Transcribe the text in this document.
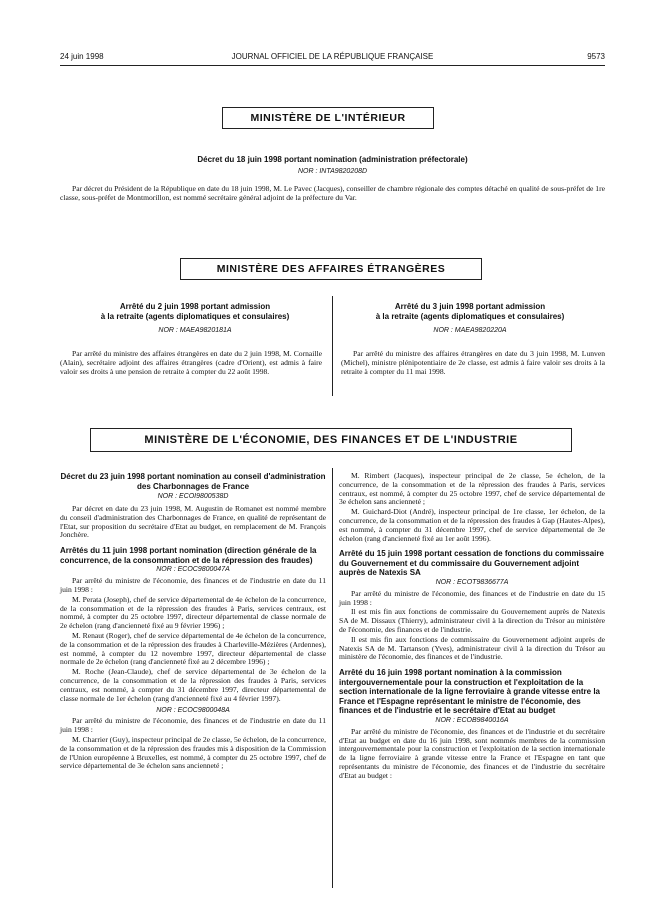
24 juin 1998	JOURNAL OFFICIEL DE LA RÉPUBLIQUE FRANÇAISE	9573
MINISTÈRE DE L'INTÉRIEUR
Décret du 18 juin 1998 portant nomination (administration préfectorale)
NOR : INTA9820208D

Par décret du Président de la République en date du 18 juin 1998, M. Le Pavec (Jacques), conseiller de chambre régionale des comptes détaché en qualité de sous-préfet de 1re classe, sous-préfet de Montmorillon, est nommé secrétaire général adjoint de la préfecture du Var.

MINISTÈRE DES AFFAIRES ÉTRANGÈRES
Arrêté du 2 juin 1998 portant admission
à la retraite (agents diplomatiques et consulaires)
NOR : MAEA9820181A

Par arrêté du ministre des affaires étrangères en date du 2 juin 1998, M. Cornaille (Alain), secrétaire adjoint des affaires étrangères (cadre d'Orient), est admis à faire valoir ses droits à une pension de retraite à compter du 22 août 1998.

Arrêté du 3 juin 1998 portant admission
à la retraite (agents diplomatiques et consulaires)
NOR : MAEA9820220A

Par arrêté du ministre des affaires étrangères en date du 3 juin 1998, M. Lunven (Michel), ministre plénipotentiaire de 2e classe, est admis à faire valoir ses droits à la retraite à compter du 11 mai 1998.

MINISTÈRE DE L'ÉCONOMIE, DES FINANCES ET DE L'INDUSTRIE
Décret du 23 juin 1998 portant nomination au conseil d'administration des Charbonnages de France
NOR : ECOI9800538D

Par décret en date du 23 juin 1998, M. Augustin de Romanet est nommé membre du conseil d'administration des Charbonnages de France, en qualité de représentant de l'Etat, sur proposition du secrétaire d'Etat au budget, en remplacement de M. François Jonchère.

Arrêtés du 11 juin 1998 portant nomination (direction générale de la concurrence, de la consommation et de la répression des fraudes)
NOR : ECOC9800047A

Par arrêté du ministre de l'économie, des finances et de l'industrie en date du 11 juin 1998 :

M. Perata (Joseph), chef de service départemental de 4e échelon de la concurrence, de la consommation et de la répression des fraudes à Paris, services centraux, est nommé, à compter du 25 octobre 1997, directeur départemental de classe normale de 2e échelon (rang d'ancienneté fixé au 9 février 1996) ;

M. Renaut (Roger), chef de service départemental de 4e échelon de la concurrence, de la consommation et de la répression des fraudes à Charleville-Mézières (Ardennes), est nommé, à compter du 12 novembre 1997, directeur départemental de classe normale de 2e échelon (rang d'ancienneté fixé au 2 décembre 1996) ;

M. Roche (Jean-Claude), chef de service départemental de 3e échelon de la concurrence, de la consommation et de la répression des fraudes à Paris, services centraux, est nommé, à compter du 31 décembre 1997, directeur départemental de classe normale de 1er échelon (rang d'ancienneté fixé au 4 février 1997).

NOR : ECOC9800048A

Par arrêté du ministre de l'économie, des finances et de l'industrie en date du 11 juin 1998 :

M. Charrier (Guy), inspecteur principal de 2e classe, 5e échelon, de la concurrence, de la consommation et de la répression des fraudes mis à disposition de la Commission de l'Union européenne à Bruxelles, est nommé, à compter du 25 octobre 1997, chef de service départemental de 3e échelon sans ancienneté ;

M. Rimbert (Jacques), inspecteur principal de 2e classe, 5e échelon, de la concurrence, de la consommation et de la répression des fraudes à Paris, services centraux, est nommé, à compter du 25 octobre 1997, chef de service départemental de 3e échelon sans ancienneté ;

M. Guichard-Diot (André), inspecteur principal de 1re classe, 1er échelon, de la concurrence, de la consommation et de la répression des fraudes à Gap (Hautes-Alpes), est nommé, à compter du 31 décembre 1997, chef de service départemental de 3e échelon (rang d'ancienneté fixé au 1er août 1996).

Arrêté du 15 juin 1998 portant cessation de fonctions du commissaire du Gouvernement et du commissaire du Gouvernement adjoint auprès de Natexis SA
NOR : ECOT9836677A

Par arrêté du ministre de l'économie, des finances et de l'industrie en date du 15 juin 1998 :

Il est mis fin aux fonctions de commissaire du Gouvernement auprès de Natexis SA de M. Dissaux (Thierry), administrateur civil à la direction du Trésor au ministère de l'économie, des finances et de l'industrie.

Il est mis fin aux fonctions de commissaire du Gouvernement adjoint auprès de Natexis SA de M. Tartanson (Yves), administrateur civil à la direction du Trésor au ministère de l'économie, des finances et de l'industrie.

Arrêté du 16 juin 1998 portant nomination à la commission intergouvernementale pour la construction et l'exploitation de la section internationale de la ligne ferroviaire à grande vitesse entre la France et l'Espagne représentant le ministre de l'économie, des finances et de l'industrie et le secrétaire d'Etat au budget
NOR : ECOB9840016A

Par arrêté du ministre de l'économie, des finances et de l'industrie et du secrétaire d'Etat au budget en date du 16 juin 1998, sont nommés membres de la commission intergouvernementale pour la construction et l'exploitation de la section internationale de la ligne ferroviaire à grande vitesse entre la France et l'Espagne en tant que représentants du ministre de l'économie, des finances et de l'industrie du secrétaire d'Etat au budget :
